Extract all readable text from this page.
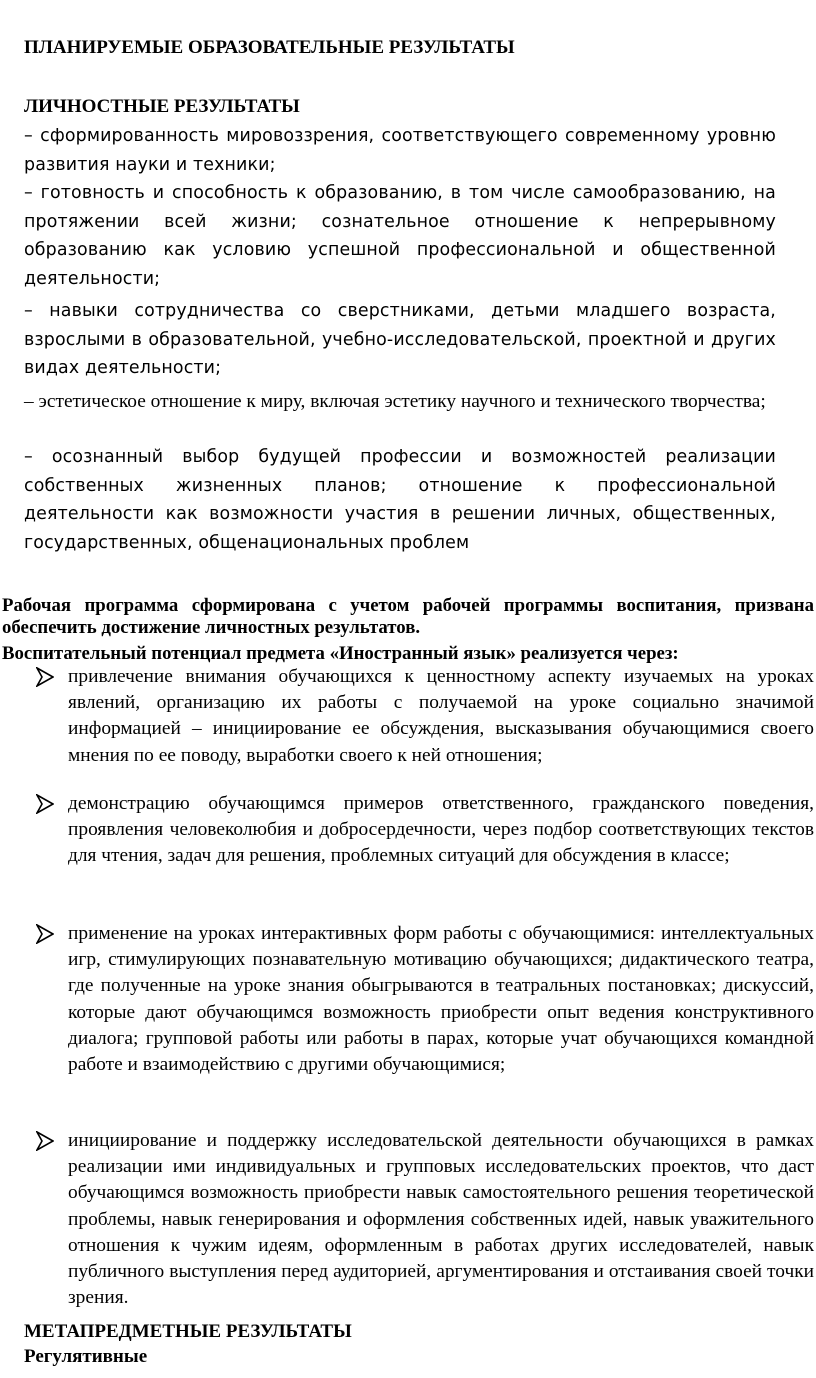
ПЛАНИРУЕМЫЕ ОБРАЗОВАТЕЛЬНЫЕ РЕЗУЛЬТАТЫ
ЛИЧНОСТНЫЕ РЕЗУЛЬТАТЫ
– сформированность мировоззрения, соответствующего современному уровню развития науки и техники;
– готовность и способность к образованию, в том числе самообразованию, на протяжении всей жизни; сознательное отношение к непрерывному образованию как условию успешной профессиональной и общественной деятельности;
– навыки сотрудничества со сверстниками, детьми младшего возраста, взрослыми в образовательной, учебно-исследовательской, проектной и других видах деятельности;
– эстетическое отношение к миру, включая эстетику научного и технического творчества;
– осознанный выбор будущей профессии и возможностей реализации собственных жизненных планов; отношение к профессиональной деятельности как возможности участия в решении личных, общественных, государственных, общенациональных проблем
Рабочая программа сформирована с учетом рабочей программы воспитания, призвана обеспечить достижение личностных результатов.
Воспитательный потенциал предмета «Иностранный язык» реализуется через:
привлечение внимания обучающихся к ценностному аспекту изучаемых на уроках явлений, организацию их работы с получаемой на уроке социально значимой информацией – инициирование ее обсуждения, высказывания обучающимися своего мнения по ее поводу, выработки своего к ней отношения;
демонстрацию обучающимся примеров ответственного, гражданского поведения, проявления человеколюбия и добросердечности, через подбор соответствующих текстов для чтения, задач для решения, проблемных ситуаций для обсуждения в классе;
применение на уроках интерактивных форм работы с обучающимися: интеллектуальных игр, стимулирующих познавательную мотивацию обучающихся; дидактического театра, где полученные на уроке знания обыгрываются в театральных постановках; дискуссий, которые дают обучающимся возможность приобрести опыт ведения конструктивного диалога; групповой работы или работы в парах, которые учат обучающихся командной работе и взаимодействию с другими обучающимися;
инициирование и поддержку исследовательской деятельности обучающихся в рамках реализации ими индивидуальных и групповых исследовательских проектов, что даст обучающимся возможность приобрести навык самостоятельного решения теоретической проблемы, навык генерирования и оформления собственных идей, навык уважительного отношения к чужим идеям, оформленным в работах других исследователей, навык публичного выступления перед аудиторией, аргументирования и отстаивания своей точки зрения.
МЕТАПРЕДМЕТНЫЕ РЕЗУЛЬТАТЫ
Регулятивные
